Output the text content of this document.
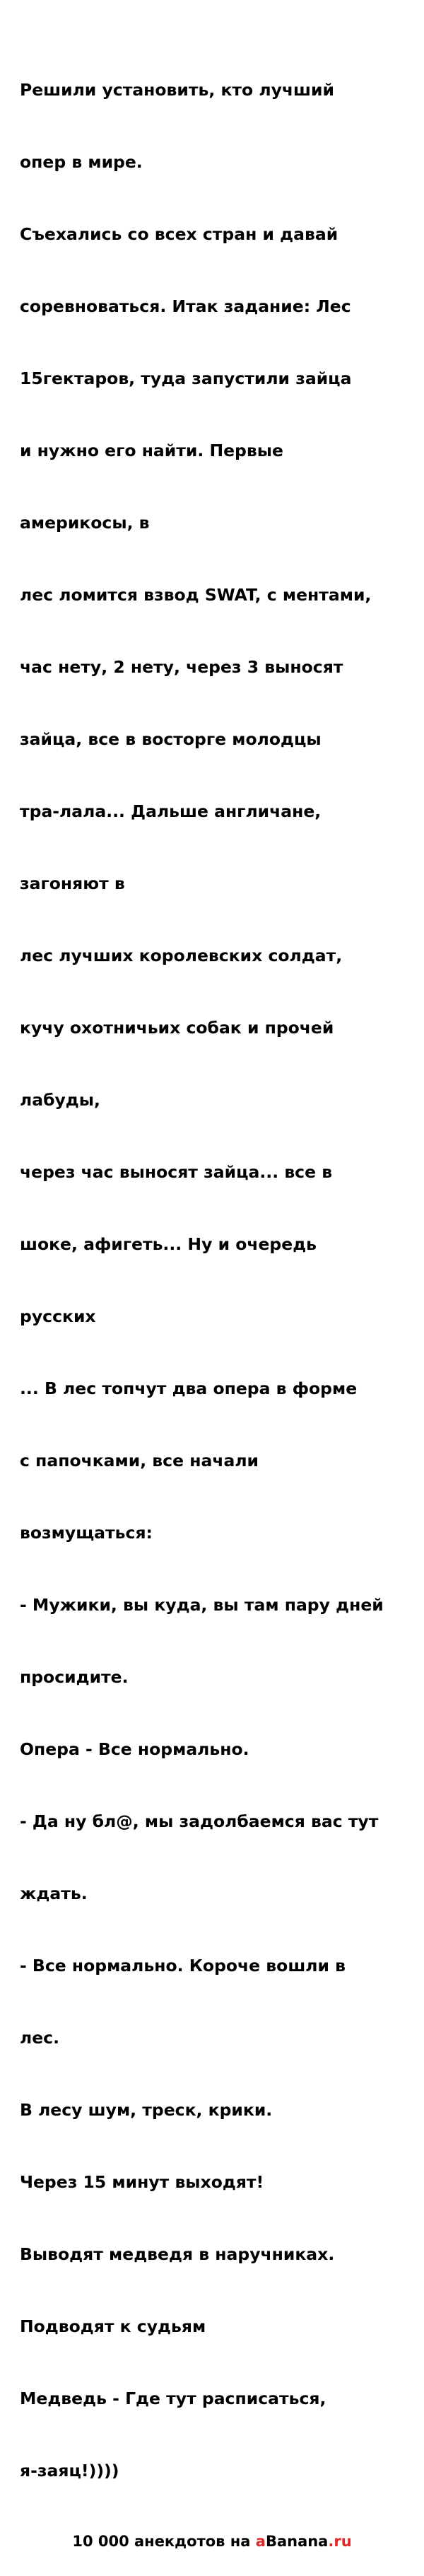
Решили установить, кто лучший

опер в мире.

Съехались со всех стран и давай

соревноваться. Итак задание: Лес

15гектаров, туда запустили зайца

и нужно его найти. Первые

америкосы, в

лес ломится взвод SWAT, с ментами,

час нету, 2 нету, через 3 выносят

зайца, все в восторге молодцы

тра-лала... Дальше англичане,

загоняют в

лес лучших королевских солдат,

кучу охотничьих собак и прочей

лабуды,

через час выносят зайца... все в

шоке, афигеть... Ну и очередь

русских

... В лес топчут два опера в форме

с папочками, все начали

возмущаться:

- Мужики, вы куда, вы там пару дней

просидите.

Опера - Все нормально.

- Да ну бл@, мы задолбаемся вас тут

ждать.

- Все нормально. Короче вошли в

лес.

В лесу шум, треск, крики.

Через 15 минут выходят!

Выводят медведя в наручниках.

Подводят к судьям

Медведь - Где тут расписаться,

я-заяц!))))

10 000 анекдотов на aBanana.ru
